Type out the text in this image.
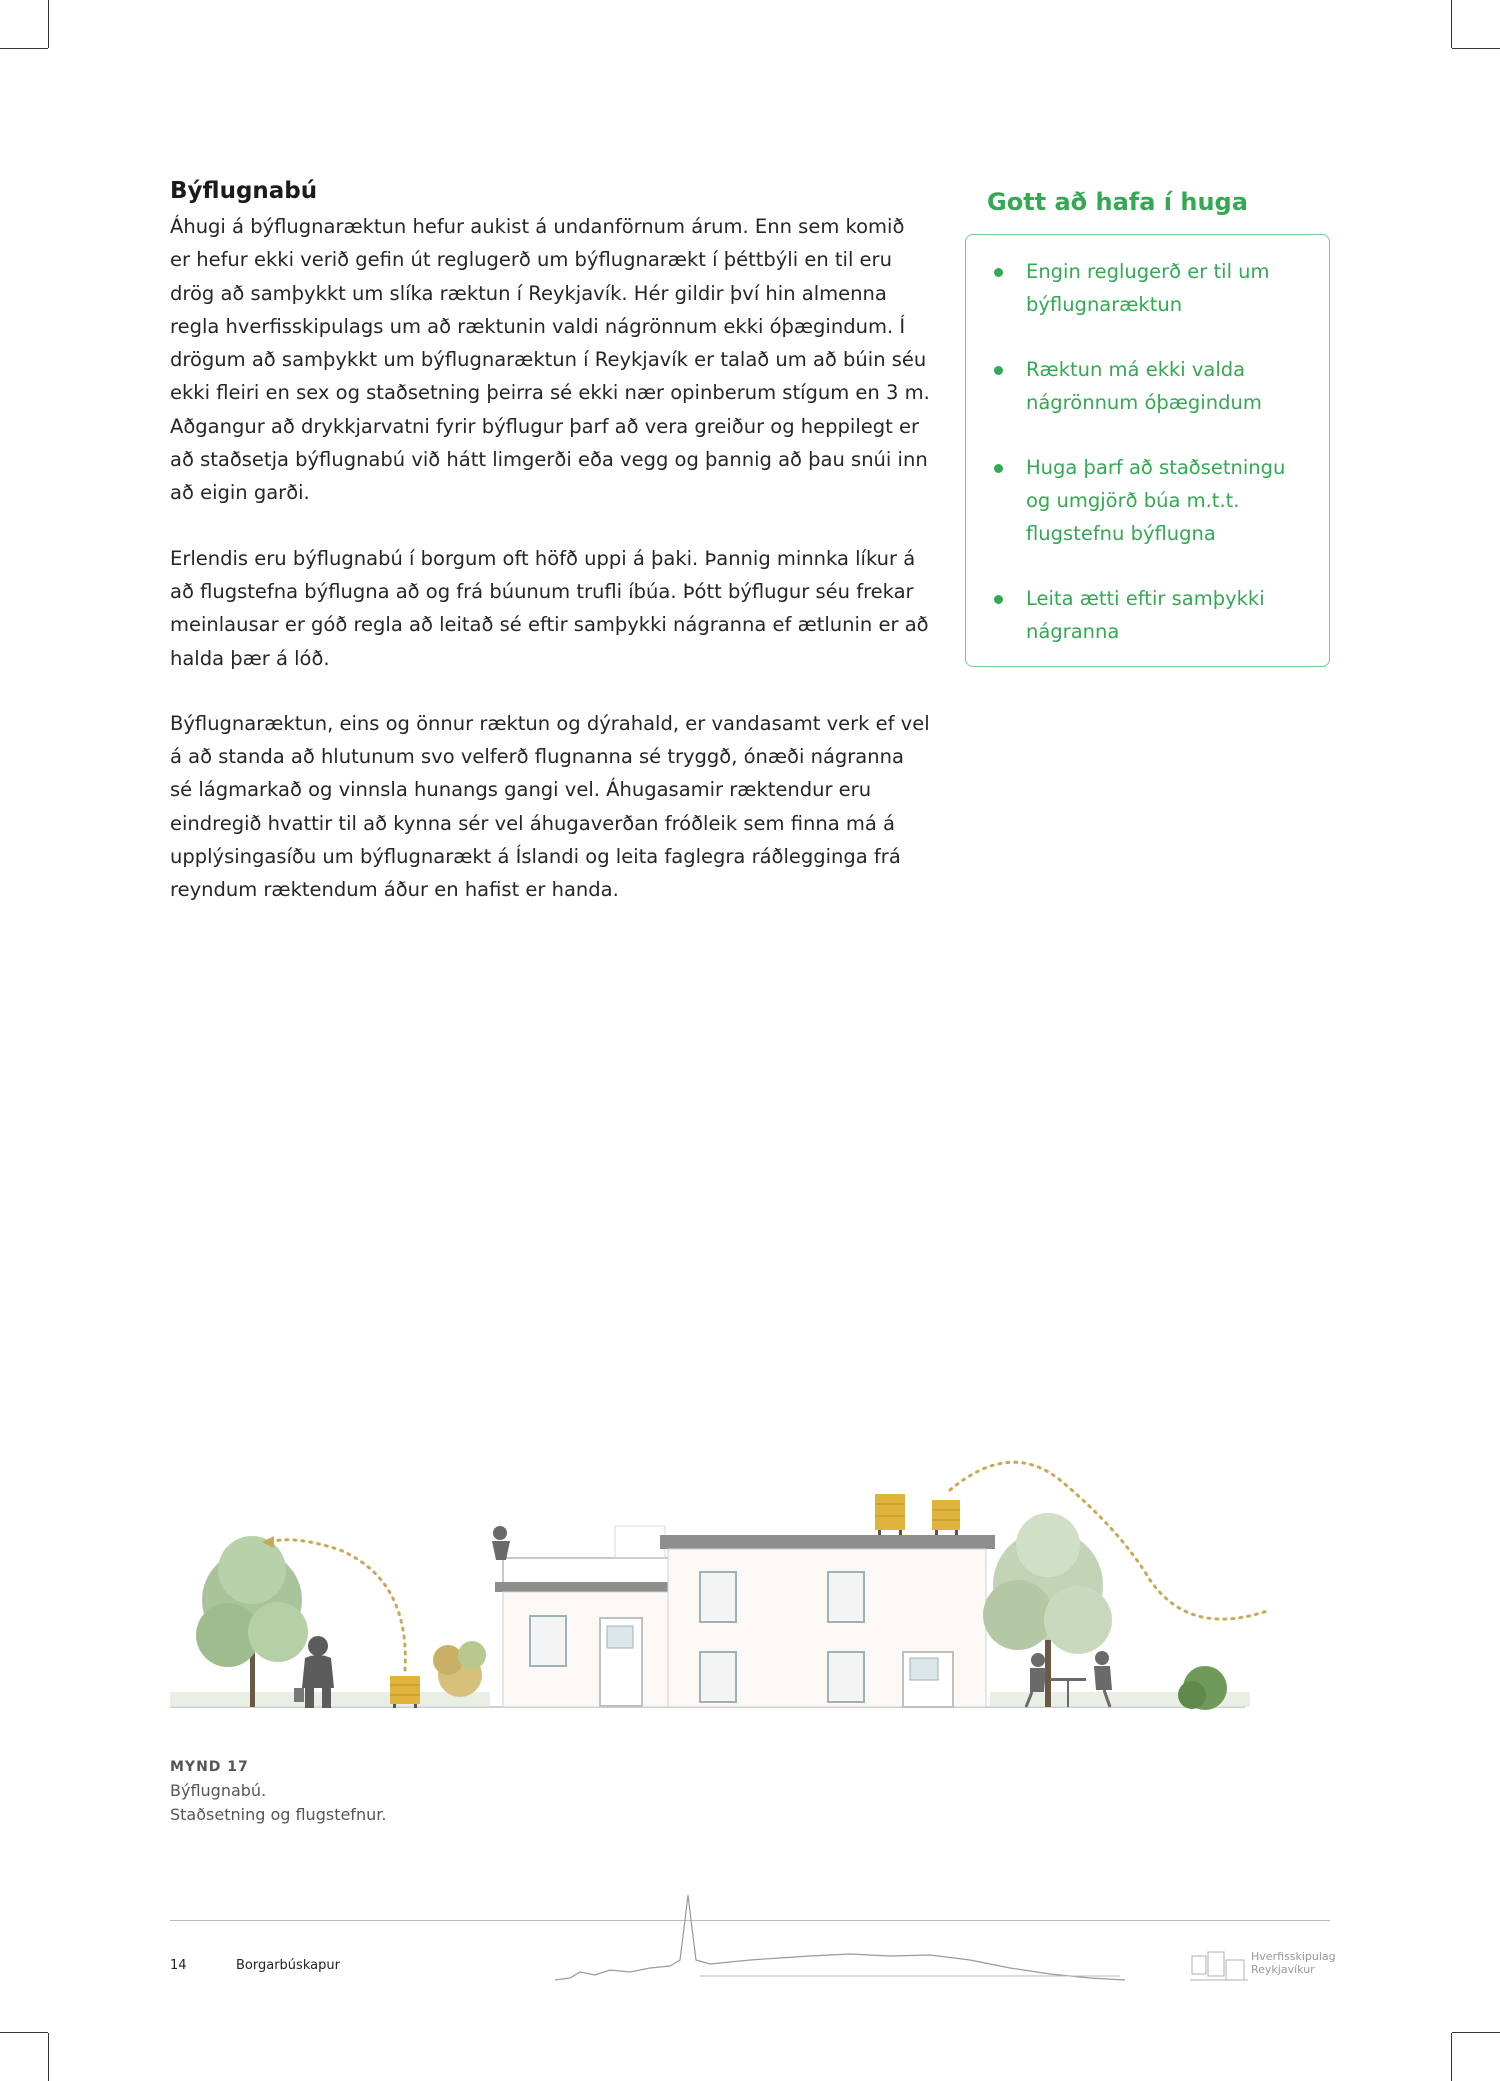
Býflugnabú

Áhugi á býflugnaræktun hefur aukist á undanförnum árum. Enn sem komið er hefur ekki verið gefin út reglugerð um býflugnarækt í þéttbýli en til eru drög að samþykkt um slíka ræktun í Reykjavík. Hér gildir því hin almenna regla hverfisskipulags um að ræktunin valdi nágrönnum ekki óþægindum. Í drögum að samþykkt um býflugnaræktun í Reykjavík er talað um að búin séu ekki fleiri en sex og staðsetning þeirra sé ekki nær opinberum stígum en 3 m. Aðgangur að drykkjarvatni fyrir býflugur þarf að vera greiður og heppilegt er að staðsetja býflugnabú við hátt limgerði eða vegg og þannig að þau snúi inn að eigin garði.

Erlendis eru býflugnabú í borgum oft höfð uppi á þaki. Þannig minnka líkur á að flugstefna býflugna að og frá búunum trufli íbúa. Þótt býflugur séu frekar meinlausar er góð regla að leitað sé eftir samþykki nágranna ef ætlunin er að halda þær á lóð.

Býflugnaræktun, eins og önnur ræktun og dýrahald, er vandasamt verk ef vel á að standa að hlutunum svo velferð flugnanna sé tryggð, ónæði nágranna sé lágmarkað og vinnsla hunangs gangi vel. Áhugasamir ræktendur eru eindregið hvattir til að kynna sér vel áhugaverðan fróðleik sem finna má á upplýsingasíðu um býflugnarækt á Íslandi og leita faglegra ráðlegginga frá reyndum ræktendum áður en hafist er handa.

Gott að hafa í huga
Engin reglugerð er til um býflugnaræktun
Ræktun má ekki valda nágrönnum óþægindum
Huga þarf að staðsetningu og umgjörð búa m.t.t. flugstefnu býflugna
Leita ætti eftir samþykki nágranna
MYND 17
Býflugnabú.
Staðsetning og flugstefnur.
14	Borgarbúskapur
Hverfisskipulag
Reykjavíkur
